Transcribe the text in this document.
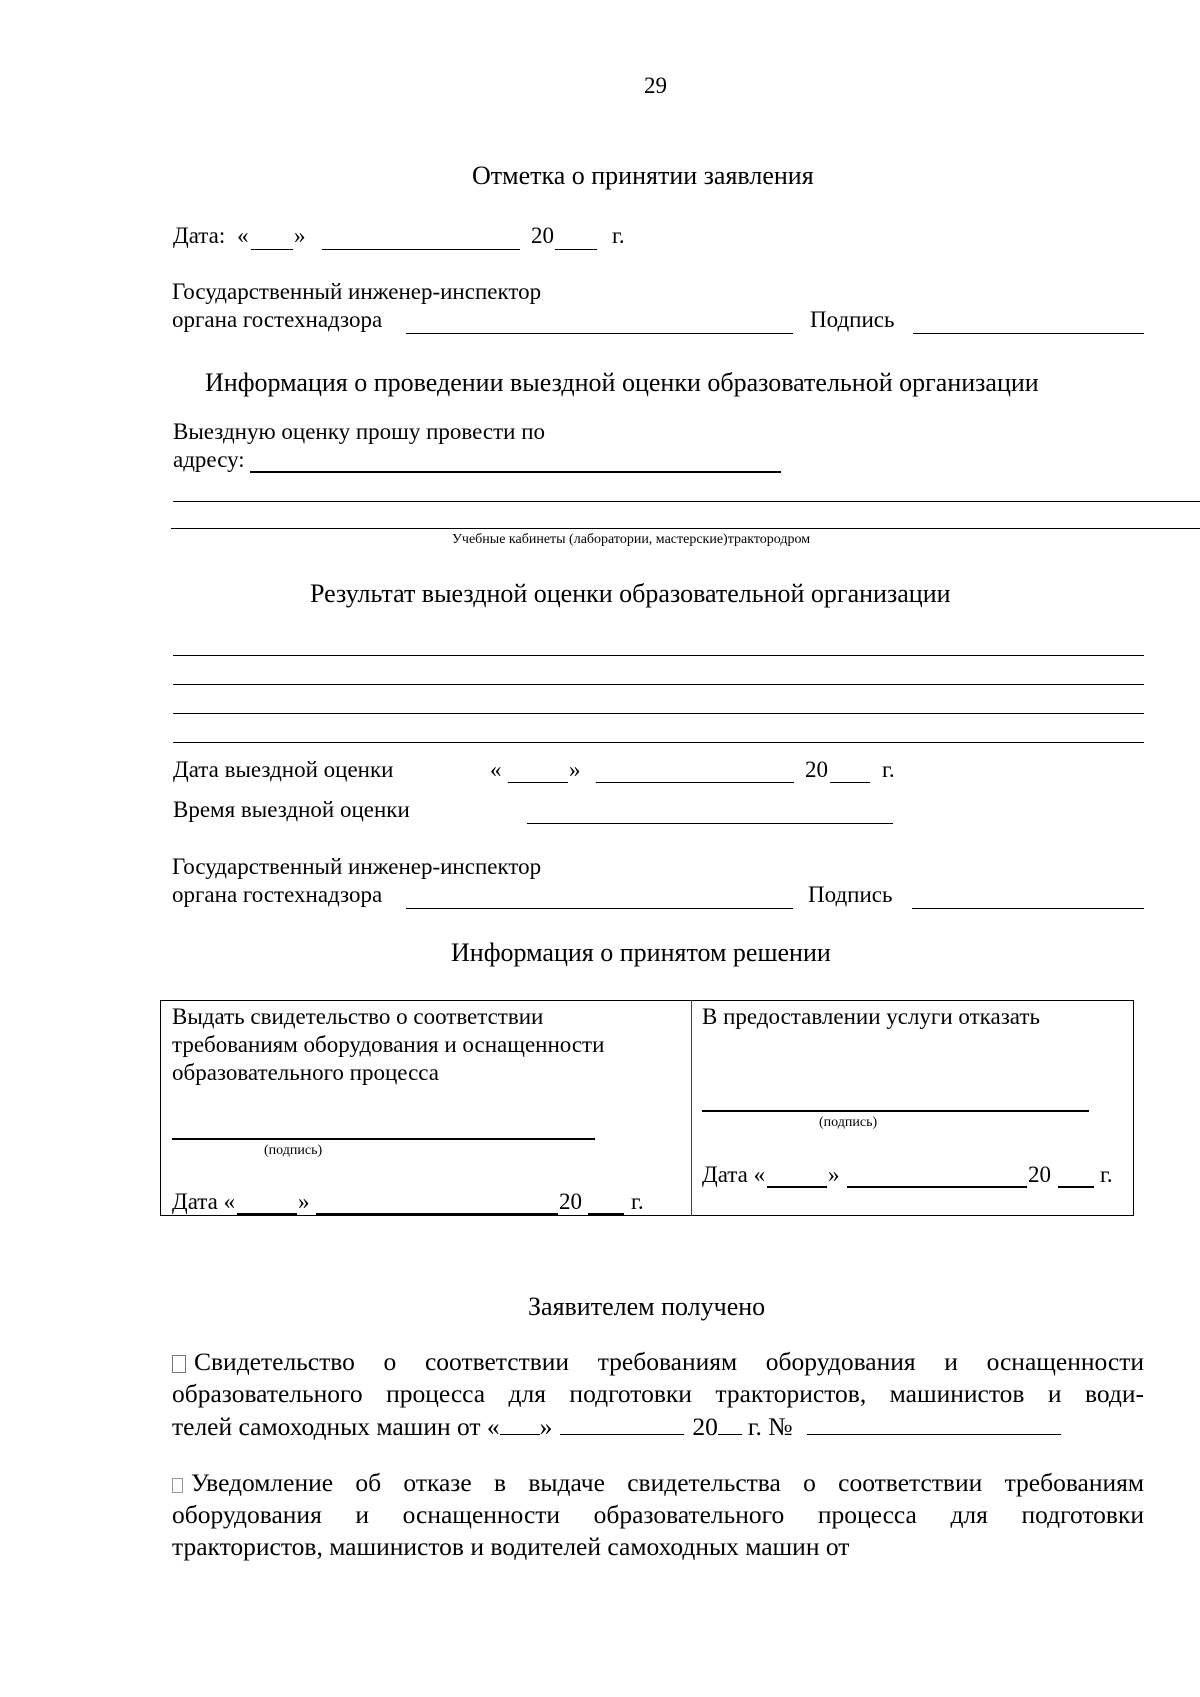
29
Отметка о принятии заявления
Дата: « »	20	г.
Государственный инженер-инспектор
органа гостехнадзора	Подпись
Информация о проведении выездной оценки образовательной организации
Выездную оценку прошу провести по
адресу:
Учебные кабинеты (лаборатории, мастерские)трактородром
Результат выездной оценки образовательной организации
Дата выездной оценки	«	»	20 г.
Время выездной оценки
Государственный инженер-инспектор
органа гостехнадзора	Подпись
Информация о принятом решении
Выдать свидетельство о соответствии
требованиям оборудования и оснащенности
образовательного процесса
(подпись)
Дата «	»	20 г.
В предоставлении услуги отказать
(подпись)
Дата «	»	20 г.
Заявителем получено
Свидетельство о соответствии требованиям оборудования и оснащенности
образовательного процесса для подготовки трактористов, машинистов и води-
телей самоходных машин от « »	20 г. №
Уведомление об отказе в выдаче свидетельства о соответствии требованиям
оборудования и оснащенности образовательного процесса для подготовки
трактористов, машинистов и водителей самоходных машин от
